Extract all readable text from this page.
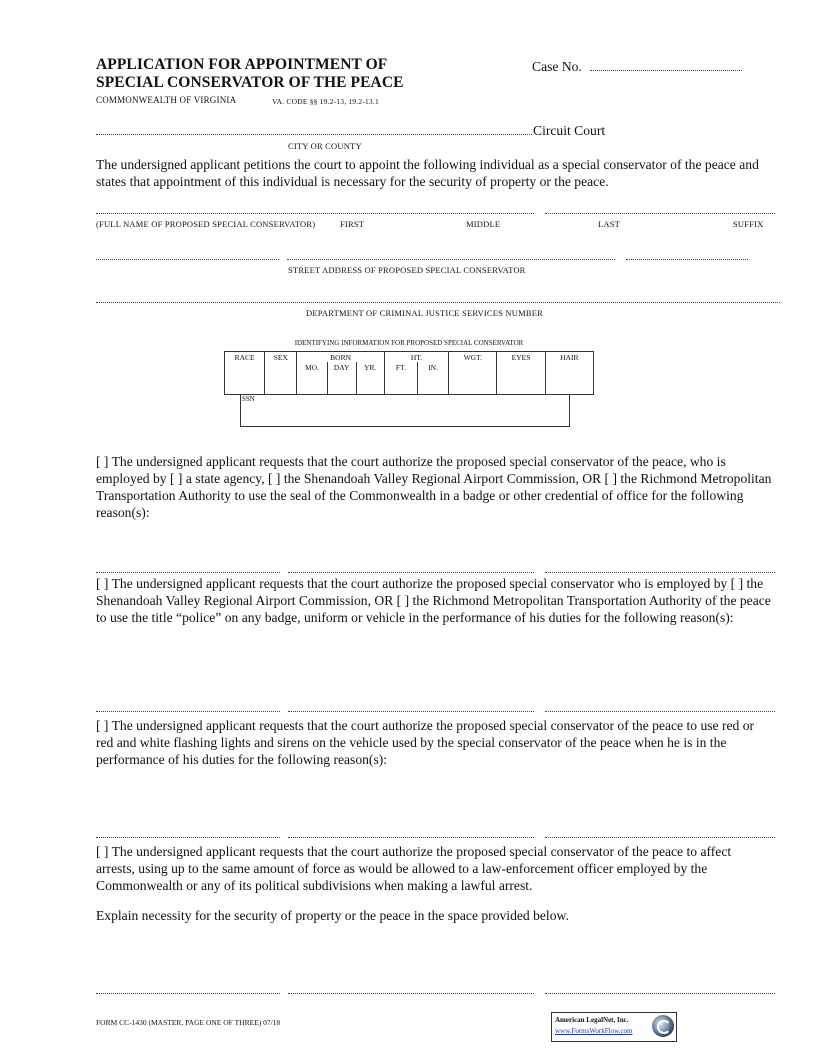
APPLICATION FOR APPOINTMENT OF
SPECIAL CONSERVATOR OF THE PEACE
COMMONWEALTH OF VIRGINIA	VA. CODE §§ 19.2-13, 19.2-13.1
Case No.
Circuit Court
CITY OR COUNTY
The undersigned applicant petitions the court to appoint the following individual as a special conservator of the peace and states that appointment of this individual is necessary for the security of property or the peace.
(FULL NAME OF PROPOSED SPECIAL CONSERVATOR)	FIRST	MIDDLE	LAST	SUFFIX
STREET ADDRESS OF PROPOSED SPECIAL CONSERVATOR
DEPARTMENT OF CRIMINAL JUSTICE SERVICES NUMBER
IDENTIFYING INFORMATION FOR PROPOSED SPECIAL CONSERVATOR
RACE	SEX	BORN			HT.		WGT.	EYES	HAIR
		MO.	DAY	YR.	FT.	IN.			
SSN
[ ] The undersigned applicant requests that the court authorize the proposed special conservator of the peace, who is employed by [ ] a state agency, [ ] the Shenandoah Valley Regional Airport Commission, OR [ ] the Richmond Metropolitan Transportation Authority to use the seal of the Commonwealth in a badge or other credential of office for the following reason(s):
[ ] The undersigned applicant requests that the court authorize the proposed special conservator who is employed by [ ] the Shenandoah Valley Regional Airport Commission, OR [ ] the Richmond Metropolitan Transportation Authority of the peace to use the title “police” on any badge, uniform or vehicle in the performance of his duties for the following reason(s):
[ ] The undersigned applicant requests that the court authorize the proposed special conservator of the peace to use red or red and white flashing lights and sirens on the vehicle used by the special conservator of the peace when he is in the performance of his duties for the following reason(s):
[ ] The undersigned applicant requests that the court authorize the proposed special conservator of the peace to affect arrests, using up to the same amount of force as would be allowed to a law-enforcement officer employed by the Commonwealth or any of its political subdivisions when making a lawful arrest.
Explain necessity for the security of property or the peace in the space provided below.
FORM CC-1430 (MASTER, PAGE ONE OF THREE) 07/18	American LegalNet, Inc.
www.FormsWorkFlow.com
